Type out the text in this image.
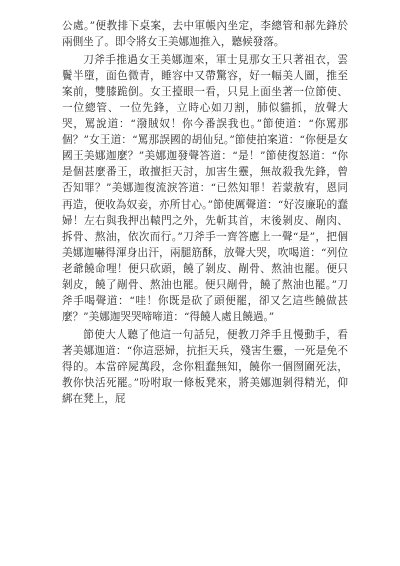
公處。”便教排下桌案，去中軍帳內坐定，李總管和郝先鋒於兩側坐了。即令將女王美娜迦推入，聽候發落。

刀斧手推過女王美娜迦來，軍士見那女王只著祖衣，雲鬢半墮，面色微青，睡容中又帶驚容，好一幅美人圖，推至案前，雙膝跪倒。女王擡眼一看，只見上面坐著一位節使、一位總管、一位先鋒，立時心如刀割，肺似貓抓，放聲大哭，罵說道：“潑賊奴！你今番誤我也。”節使道：“你罵那個？”女王道：“罵那誤國的胡仙兒。”節使拍案道：“你便是女國王美娜迦麼？”美娜迦發聲答道：“是！”節使復怒道：“你是個甚麼番王，敢擅拒天討，加害生靈，無故殺我先鋒，曾否知罪？”美娜迦復流淚答道：“已然知罪！若蒙赦宥，恩同再造，便收為奴妾，亦所甘心。”節使厲聲道：“好沒廉恥的蠢婦！左右與我押出轅門之外，先斬其首，末後剝皮、剮肉、拆骨、熬油，依次而行。”刀斧手一齊答應上一聲“是”，把個美娜迦嚇得渾身出汗，兩腿筋酥，放聲大哭，吹喝道：“列位老爺饒命哩！便只砍頭，饒了剝皮、剮骨、熬油也罷。便只剝皮，饒了剮骨、熬油也罷。便只剮骨，饒了熬油也罷。”刀斧手喝聲道：“哇！你既是砍了頭便罷，卻又乞這些饒做甚麼？”美娜迦哭哭啼啼道：“得饒人處且饒過。”

節使大人聽了他這一句話兒，便教刀斧手且慢動手，看著美娜迦道：“你這惡婦，抗拒天兵，殘害生靈，一死是免不得的。本當碎屍萬段，念你粗蠢無知，饒你一個囫圇死法，教你快活死罷。”吩咐取一條板凳來，將美娜迦剝得精光，仰綁在凳上，屁
